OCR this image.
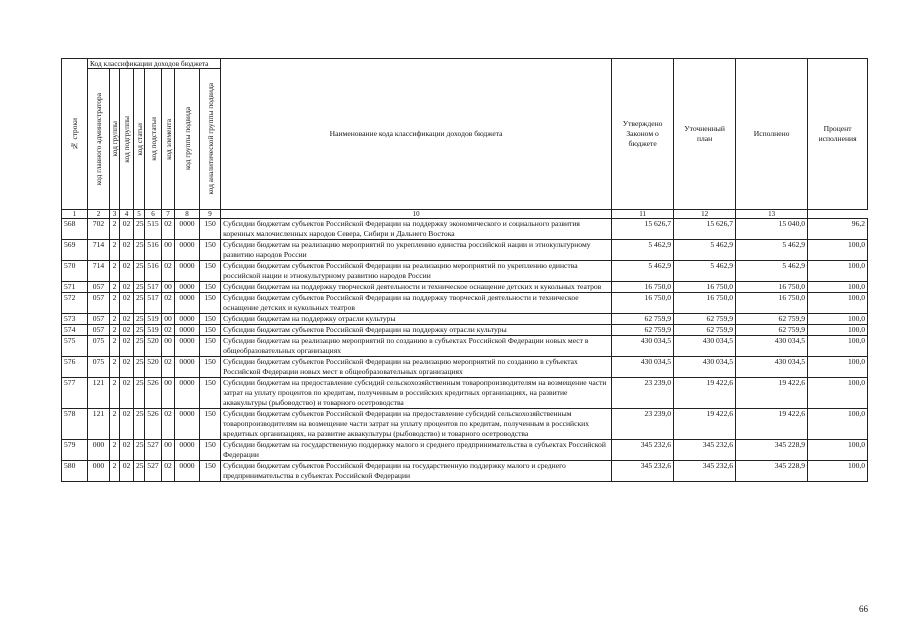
№ строки	Код классификации доходов бюджета								Наименование кода классификации доходов бюджета	Утверждено Законом о бюджете	Уточненный план	Исполнено	Процент исполнения

	код главного администратора	код группы	код подгруппы	код статьи	код подстатьи	код элемента	код группы подвида	код аналитической группы подвида					

1	2	3	4	5	6	7	8	9	10	11	12	13	
568	702	2	02	25	515	02	0000	150	Субсидии бюджетам субъектов Российской Федерации на поддержку экономического и социального развития коренных малочисленных народов Севера, Сибири и Дальнего Востока	15 626,7	15 626,7	15 040,0	96,2
569	714	2	02	25	516	00	0000	150	Субсидии бюджетам на реализацию мероприятий по укреплению единства российской нации и этнокультурному развитию народов России	5 462,9	5 462,9	5 462,9	100,0
570	714	2	02	25	516	02	0000	150	Субсидии бюджетам субъектов Российской Федерации на реализацию мероприятий по укреплению единства российской нации и этнокультурному развитию народов России	5 462,9	5 462,9	5 462,9	100,0
571	057	2	02	25	517	00	0000	150	Субсидии бюджетам на поддержку творческой деятельности и техническое оснащение детских и кукольных театров	16 750,0	16 750,0	16 750,0	100,0
572	057	2	02	25	517	02	0000	150	Субсидии бюджетам субъектов Российской Федерации на поддержку творческой деятельности и техническое оснащение детских и кукольных театров	16 750,0	16 750,0	16 750,0	100,0
573	057	2	02	25	519	00	0000	150	Субсидии бюджетам на поддержку отрасли культуры	62 759,9	62 759,9	62 759,9	100,0
574	057	2	02	25	519	02	0000	150	Субсидии бюджетам субъектов Российской Федерации на поддержку отрасли культуры	62 759,9	62 759,9	62 759,9	100,0
575	075	2	02	25	520	00	0000	150	Субсидии бюджетам на реализацию мероприятий по созданию в субъектах Российской Федерации новых мест в общеобразовательных организациях	430 034,5	430 034,5	430 034,5	100,0
576	075	2	02	25	520	02	0000	150	Субсидии бюджетам субъектов Российской Федерации на реализацию мероприятий по созданию в субъектах Российской Федерации новых мест в общеобразовательных организациях	430 034,5	430 034,5	430 034,5	100,0
577	121	2	02	25	526	00	0000	150	Субсидии бюджетам на предоставление субсидий сельскохозяйственным товаропроизводителям на возмещение части затрат на уплату процентов по кредитам, полученным в российских кредитных организациях, на развитие аквакультуры (рыбоводство) и товарного осетроводства	23 239,0	19 422,6	19 422,6	100,0
578	121	2	02	25	526	02	0000	150	Субсидии бюджетам субъектов Российской Федерации на предоставление субсидий сельскохозяйственным товаропроизводителям на возмещение части затрат на уплату процентов по кредитам, полученным в российских кредитных организациях, на развитие аквакультуры (рыбоводство) и товарного осетроводства	23 239,0	19 422,6	19 422,6	100,0
579	000	2	02	25	527	00	0000	150	Субсидии бюджетам на государственную поддержку малого и среднего предпринимательства в субъектах Российской Федерации	345 232,6	345 232,6	345 228,9	100,0
580	000	2	02	25	527	02	0000	150	Субсидии бюджетам субъектов Российской Федерации на государственную поддержку малого и среднего предпринимательства в субъектах Российской Федерации	345 232,6	345 232,6	345 228,9	100,0
66
